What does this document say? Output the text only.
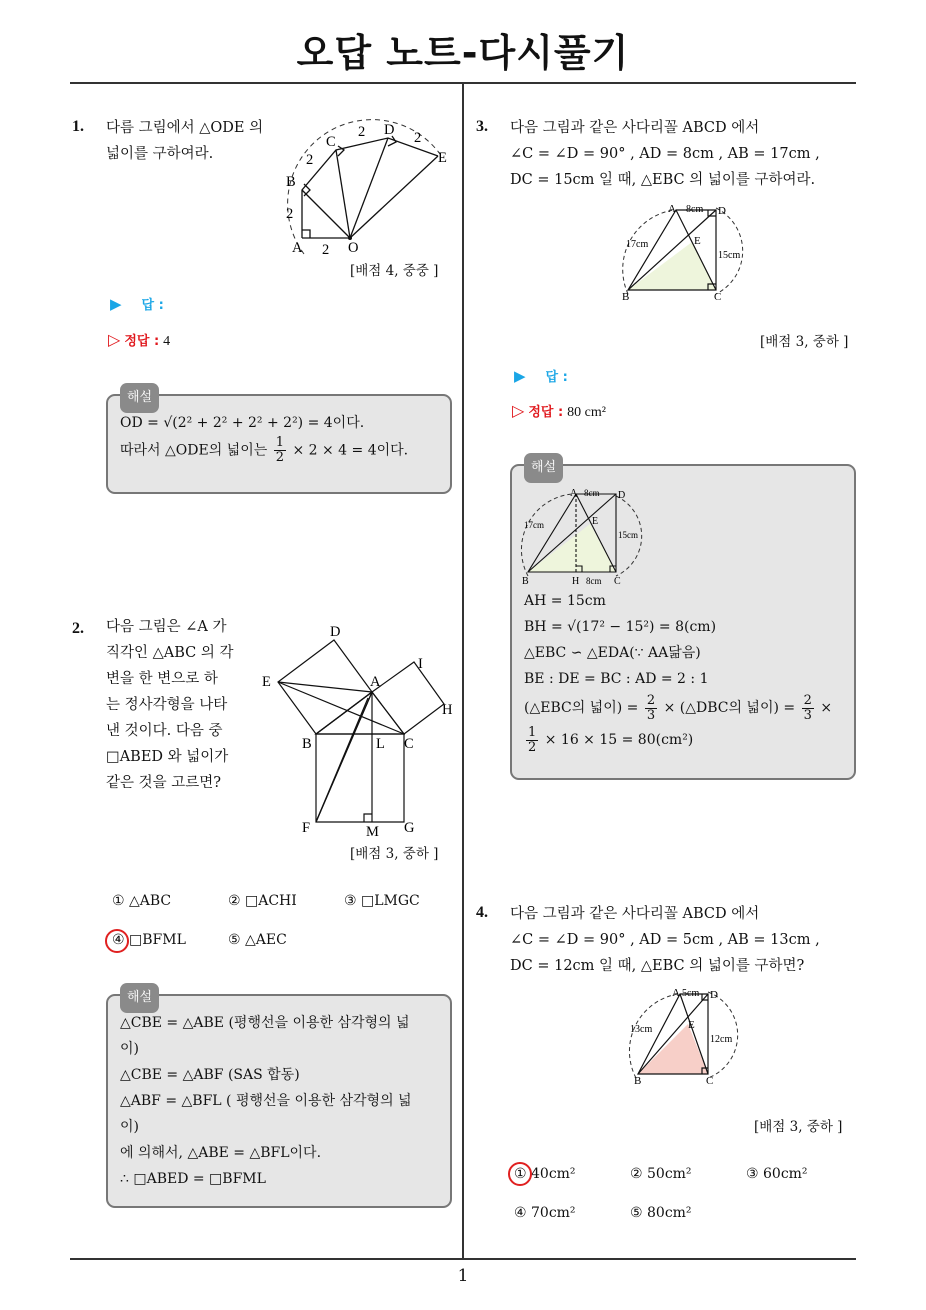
오답 노트-다시풀기
1
1. 다름 그림에서 △ODE 의
넓이를 구하여라.
C
D
E
B
A	O
2
2	2
2
2
[배점 4, 중중 ]
▶ 답 :
▷ 정답 : 4
해설
OD = √(2² + 2² + 2² + 2²) = 4이다.
따라서 △ODE의 넓이는 $\frac{1}{2} \times 2 \times 4 = 4$이다.
2. 다음 그림은 ∠A 가
직각인 △ABC 의 각
변을 한 변으로 하
는 정사각형을 나타
낸 것이다. 다음 중
□ABED 와 넓이가
같은 것을 고르면?
D
I
E	A
H
B	L C
F	M G
[배점 3, 중하 ]
① △ABC	② □ACHI	③ □LMGC
④ □BFML	⑤ △AEC
해설
△CBE = △ABE (평행선을 이용한 삼각형의 넓
이)
△CBE = △ABF (SAS 합동)
△ABF = △BFL ( 평행선을 이용한 삼각형의 넓
이)
에 의해서, △ABE = △BFL이다.
∴ □ABED = □BFML
3. 다음 그림과 같은 사다리꼴 ABCD 에서
∠C = ∠D = 90° , AD = 8cm , AB = 17cm ,
DC = 15cm 일 때, △EBC 의 넓이를 구하여라.
A	D
B	C
E
8cm
17cm
15cm
[배점 3, 중하 ]
▶ 답 :
▷ 정답 : 80 cm²
해설
A	D
B	H	C
E
8cm
17cm
15cm
8cm
AH = 15cm
BH = √(17² − 15²) = 8(cm)
△EBC ∽ △EDA(∵ AA닮음)
BE : DE = BC : AD = 2 : 1
(△EBC의 넓이) = $\frac{2}{3}$ × (△DBC의 넓이) = $\frac{2}{3}$ ×
$\frac{1}{2} \times 16 \times 15 = 80(cm^2)$
4. 다음 그림과 같은 사다리꼴 ABCD 에서
∠C = ∠D = 90° , AD = 5cm , AB = 13cm ,
DC = 12cm 일 때, △EBC 의 넓이를 구하면?
A	D
B	C
E
5cm
13cm
12cm
[배점 3, 중하 ]
① 40cm²	② 50cm²	③ 60cm²
④ 70cm²	⑤ 80cm²
